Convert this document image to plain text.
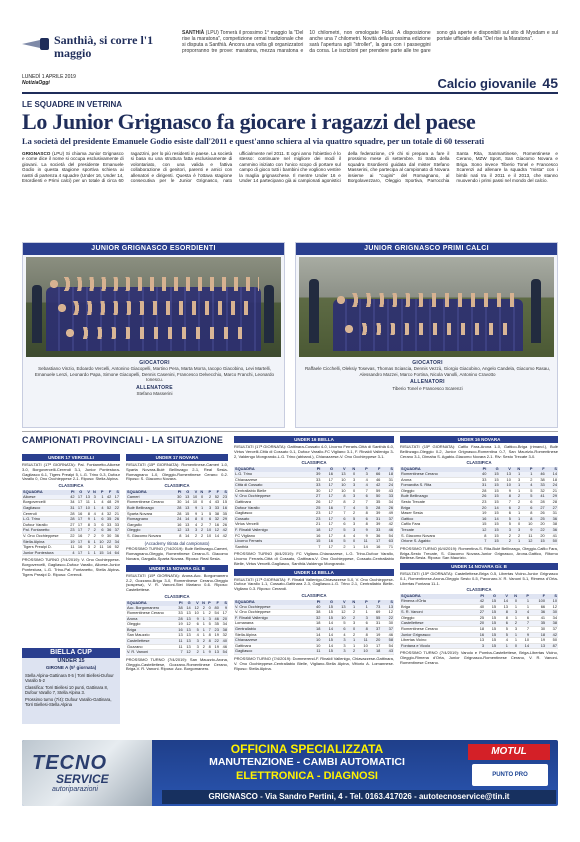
Santhià, si corre l'1 maggio
SANTHIÀ (LPU) Tornerà il prossimo 1° maggio la "Del rise la maratona", competizione ormai tradizionale che si disputa a Santhià. Ancora una volta gli organizzatori proporranno tre prove: maratona, mezza maratona e 10 chilometri, non omologate Fidal. A disposizione anche una 7 chilometri. Novità della prossima edizione sarà l'apertura agli "stroller", la gara con i passeggini da corsa. Le iscrizioni per prendere parte alle tre gare sono già aperte e disponibili sul sito di Mysdam e sul portale ufficiale della "Del rise la Maratona".
LUNEDÌ 1 APRILE 2019
NotiziaOggi	Calcio giovanile 45
LE SQUADRE IN VETRINA
Lo Junior Grignasco fa giocare i ragazzi del paese
La società del presidente Emanuele Godio esiste dall'2011 e quest'anno schiera al via quattro squadre, per un totale di 60 tesserati
GRIGNASCO (LPU) Si chiama Junior Grignasco e come dice il nome si occupa esclusivamente di giovani. La società del presidente Emanuele Godio in questa stagione sportiva schiera ai nastri di partenza 4 squadre (Under 16, Under 14, Esordienti e Primi calci) per un totale di circa 60 ragazzini, per lo più residenti in paese. La società si basa su una struttura fatta esclusivamente di volontariato, con una valida e fattiva collaborazione di genitori, parenti e amici con allenatori e dirigenti. Questa è l'ottava stagione consecutiva per le Junior Grignasco, nato ufficialmente nel 2011. E ogni anno l'obiettivo è lo stesso: continuare nel migliore dei modi il cammino iniziato con l'unico scopo di portare sul campo di gioco tutti i bambini che vogliono vestire la maglia grignaschese. Il mentre Under 16 e Under 14 partecipano già ai campionati agonistici della federazione, c'è chi si prepara a fare il prossimo mese di settembre. Si tratta della squadra Esordienti guidata dal mister Stefano Masserini, che partecipa al campionato di Novara insieme ai "cugini" del Romagnano, al Borgolavezzaro, Oleggio Sportiva, Parrocchia Santa Rita, Sanmartinese, Romentinese e Cerano, MZW Sport, San Giacomo Novara e Briga. Sono invece Tiberio Tonel e Francesco Scarenzi ad allenare la squadra "mista" con i bimbi nati tra il 2011 e il 2013, che stanno muovendo i primi passi nel mondo del calcio.
JUNIOR GRIGNASCO ESORDIENTI
GIOCATORI
Sebastiano Vinzio, Edoardo Vercelli, Antonino Giacopelli, Martino Pera, Marta Morra, Iacopo Giacobino, Levi Martelli, Emanuele Lenzi, Leonardo Papa, Simone Giacopelli, Dennis Casenini, Francesco Delvecchio, Marco Franchi, Leonardo Ionescu.
ALLENATORE
Stefano Masserini
JUNIOR GRIGNASCO PRIMI CALCI
GIOCATORI
Raffaele Cicchelli, Oleksiy Tosevas, Thomas Sciascia, Dennis Vezzù, Giorgio Giacobino, Angelo Candela, Giacomo Rasau, Alessandro Mazzei, Marco Fortina, Nicola Vanolli, Antonino Cravotto
ALLENATORI
Tiberio Tonel e Francesco Scarenzi
CAMPIONATI PROVINCIALI - LA SITUAZIONE
UNDER 17 VERCELLI
RISULTATI (17ª GIORNATA): Pal. Fontanetto-Alicese 3-0, Borgovercelli-Cerendi 3-1, Junior Pontestura-Gagliasco 6-1, Tigers Prealpi 5, L.G. Trino 0-3, Dufour Varallo 0, Ono Occhieppese 2-1. Riposo: Stella Alpina.
CLASSIFICA
SQUADRA	PI	G	V	N	P	F	S
Alicese	42	17	13	3	1	42	17
Borgovercelli	34	17	11	1	4	48	29
Gagliasco	31	17	10	1	4	52	22
Cerendi	28	16	8	4	4	32	21
L.G. Trino	28	17	9	1	6	35	26
Dufour Varallo	27	17	8	3	6	33	33
Pal. Fontanetto	23	17	7	2	6	36	37
V. Ono Occhieppese	22	16	7	2	9	30	36
Stella Alpina	19	17	6	1	10	22	34
Tigers Prealpi D.	11	16	3	2	11	16	52
Junior Pontestura	4	17	1	1	15	14	64
PROSSIMO TURNO (7/4/2019): V. Ono Occhieppese-Borgovercelli, Gagliasco-Dufour Varallo, Alicese-Junior Pontestura, L.G. Trino-Pal. Fontanetto, Stella Alpina-Tigers Prealpi D. Riposo: Cerendi.
BIELLA CUP
UNDER 15
GIRONE A (5ª giornata)
Stella Alpina-Gattinara 0-5 | Torri Biellesi-Dufour Varallo 5-2
Classifica: Torri Biellesi 10 punti, Gattinara 8, Dufour Varallo 7, Stella Alpina 3.
Prossimo turno (7/4): Dufour Varallo-Gattinara, Torri Biellesi-Stella Alpina
UNDER 17 NOVARA
RISULTATI (15ª GIORNATA): Romentinese-Cameri 1-0, Sparta Novara-Bulè Bellinzago 2-1, Real Sesia-Romagnano 1-0, Oleggio-Romentinese Cerano 0-2. Riposo: S. Giacomo Novara.
CLASSIFICA
SQUADRA	PI	G	V	N	P	F	S
Cameri	30	13	10	0	2	52	23
Romentinese Cerano	30	14	10	0	4	43	15
Bulè Bellinzago	28	13	9	1	3	33	16
Sparta Novara	28	15	9	1	5	38	35
Romagnano	24	14	8	0	6	32	29
Gargallo	16	13	4	2	7	16	26
Oleggio	12	13	3	2	10	12	42
S. Giacomo Novara	8	14	2	2	10	14	42
(Accademy ritirata dal campionato)
PROSSIMO TURNO (7/4/2019): Bulè Bellinzago-Cameri, Romagnano-Oleggio, Romentinese Cerano-S. Giacomo Novara, Gargallo-Sparta Novara. Riposo: Real Sesia.
UNDER 15 NOVARA Gir. B
RISULTATI (15ª GIORNATA): Arona-Acc. Borgomanero 2-2, Gozzano-Briga 3-0, Romentinese Cerano-Oleggio (sospesa), V. R. Vanoni-Stei Mariano 0-6. Riposo: Castellettese.
CLASSIFICA
SQUADRA	PI	G	V	N	P	F	S
Acc. Borgomanero	38	14	12	2	0	80	9
Romentinese Cerano	33	13	10	1	2	54	17
Arona	28	13	9	1	3	46	20
Oleggio	19	12	6	1	5	35	34
Briga	16	13	5	1	7	23	38
San Mauzzio	13	13	4	1	8	19	32
Castellettese	11	13	3	2	8	22	40
Gozzano	11	13	3	2	8	19	46
V. R. Vanoni	7	12	2	1	9	13	54
PROSSIMO TURNO (7/4/2019): San Mauzzio-Arona, Oleggio-Castellettese, Gozzano-Romentinese Cerano, Briga-V. R. Vanoni. Riposo: Acc. Borgomanero.
UNDER 16 BIELLA
RISULTATI (17ª GIORNATA): Gattinara-Cossato 4-0, Livorno Ferraris-Città di Santhià 6-0, Virtus Vercelli-Città di Cossato 0-1, Dufour Varallo-FC Vigliano 3-1, F. Rinaldi Vallenigo 3-2, Valdengo Mongrando-L.G. Trino (abband.), Chiavazzese-V. Ono Occhieppese 3-1.
CLASSIFICA
SQUADRA	PI	G	V	N	P	F	S
L.G. Trino	39	16	13	0	3	66	18
Chiavazzese	33	17	10	3	4	46	31
Città di Cossato	33	17	10	3	4	42	24
Centrallabio Bielle	30	17	10	0	7	59	43
V. Ono Occhieppese	27	17	8	3	6	50	33
Gattinara	26	17	8	2	7	35	34
Dufour Varallo	25	16	7	4	5	28	26
Gagliasco	23	17	7	2	8	39	49
Cossato	23	17	6	5	6	31	37
Virtus Vercelli	21	17	6	3	8	39	42
F. Rinaldi Vallenigo	18	17	5	3	9	33	46
FC Vigliano	16	17	4	4	9	36	54
Livorno Ferraris	15	16	5	0	11	17	63
Santhià	7	17	2	1	14	16	71
PROSSIMO TURNO (6/4/2019): FC Vigliano-Chiavazzese, L.G. Trino-Dufour Varallo, Livorno Ferraris-Città di Cossato, Gattinara-V. Ono Occhieppese, Cossato-Centrallabio Bielle, Virtus Vercelli-Gagliasco, Santhià-Valdengo Mongrando.
UNDER 14 BIELLA
RISULTATI (17ª GIORNATA): F. Rinaldi Vallenigo-Chiavazzese 5-0, V. Ono Occhieppese-Dufour Varallo 1-1, Cossato-Gattinara 2-3, Gagliasco-L.G. Trino 2-1, Centrallabio Bielle-Vigliano 0-3. Riposo: Cerandi.
CLASSIFICA
SQUADRA	PI	G	V	N	P	F	S
V. Ono Occhieppese	40	15	13	1	1	73	13
V. Ono Occhieppese	38	15	12	2	1	69	12
F. Rinaldi Vallenigo	32	15	10	2	3	55	22
Lomanana	18	14	5	3	6	31	30
Gentrallabio	18	14	6	0	8	37	37
Stella Alpina	14	14	4	2	8	19	46
Chiavazzese	10	15	3	1	11	20	58
Gattinara	10	14	3	1	10	17	54
Gagliasco	11	15	3	2	10	18	43
PROSSIMO TURNO (7/4/2019): Dommerend-F. Rinaldi Vallenigo, Chiavazzese-Gattinara, V. Ono Occhieppese-Centrallabio Bielle, Vigliano-Stella Alpina, Vittorio A. Lomannese. Riposo: Stella Alpina.
UNDER 16 NOVARA
RISULTATI (15ª GIORNATA): Cafilo Fara-Arona 1-0, Gattico-Briga (rimand.), Bulè Bellinzago-Oleggio 0-2, Junior Grignasco-Romentina 0-7, San Maurizio-Romentinese Cerano 3-1, Dimaha S. Agabio-Giacomo Novara 2-1. Riv: Sesto Trecate 3-0.
CLASSIFICA
SQUADRA	PI	G	V	N	P	F	S
Romentinese Cerano	40	15	13	1	1	46	14
Arona	33	15	10	3	2	38	18
Fomarolta S. Rita	31	15	10	1	4	33	24
Oleggio	28	15	9	1	5	32	21
Bulè Bellinzago	26	15	8	2	5	41	29
Sesto Trecate	23	15	7	2	6	28	28
Briga	20	14	6	2	6	27	27
Maser Sesia	19	15	6	1	8	26	31
Gattico	16	14	5	1	8	25	36
Cafilo Fara	15	15	5	0	10	20	38
Trecate	12	15	3	3	9	22	36
S. Giacomo Novara	8	15	2	2	11	20	41
Orione S. Agabio	7	15	2	1	12	15	50
PROSSIMO TURNO (6/4/2019): Romentina-S. Rita-Bulè Bellinzago, Oleggio-Cafilo Fara, Briga-Sesto Trecate, S. Giacomo Novara-Junior Grignasco, Arona-Gattico, Ritorno Biellese-Sesia. Riposo: San Maurizio.
UNDER 14 NOVARA Gir. B
RISULTATI (15ª GIORNATA): Castellettese-Briga 0-5, Libertas Vicino-Junior Grignasco 0-1, Romentinese-Arona-Oleggio Sesto 0-5, Pavonaro-V. R. Vanoni 5-1, Rimena d'Orta-Libertas Fontana 11-1.
CLASSIFICA
SQUADRA	PI	G	V	N	P	F	S
Rimena d'Orta	42	15	14	0	1	100	10
Briga	40	15	13	1	1	66	12
S. R. Vanoni	27	15	8	3	4	36	30
Oleggio	25	15	8	1	6	41	34
Castellettese	20	15	6	2	7	35	38
Romentinese Cerano	18	15	5	3	7	30	37
Junior Grignasco	16	15	5	1	9	18	42
Libertas Vicino	13	15	4	1	10	19	50
Fontana e Vicolo	3	15	1	0	14	13	87
PROSSIMO TURNO (7/4/2019): Vanolo e Pomba-Castellettese, Briga-Libertas Vicino, Oleggio-Rimena d'Orta, Junior Grignasco-Romentinese Cerano, V. R. Vanoni-Romentinese Cerano.
TECNO
SERVICE
autoriparazioni
OFFICINA SPECIALIZZATA
MANUTENZIONE - CAMBI AUTOMATICI
ELETTRONICA - DIAGNOSI
GRIGNASCO - Via Sandro Pertini, 4 - Tel. 0163.417026 - autotecnoservice@tin.it
MOTUL
PUNTO PRO
